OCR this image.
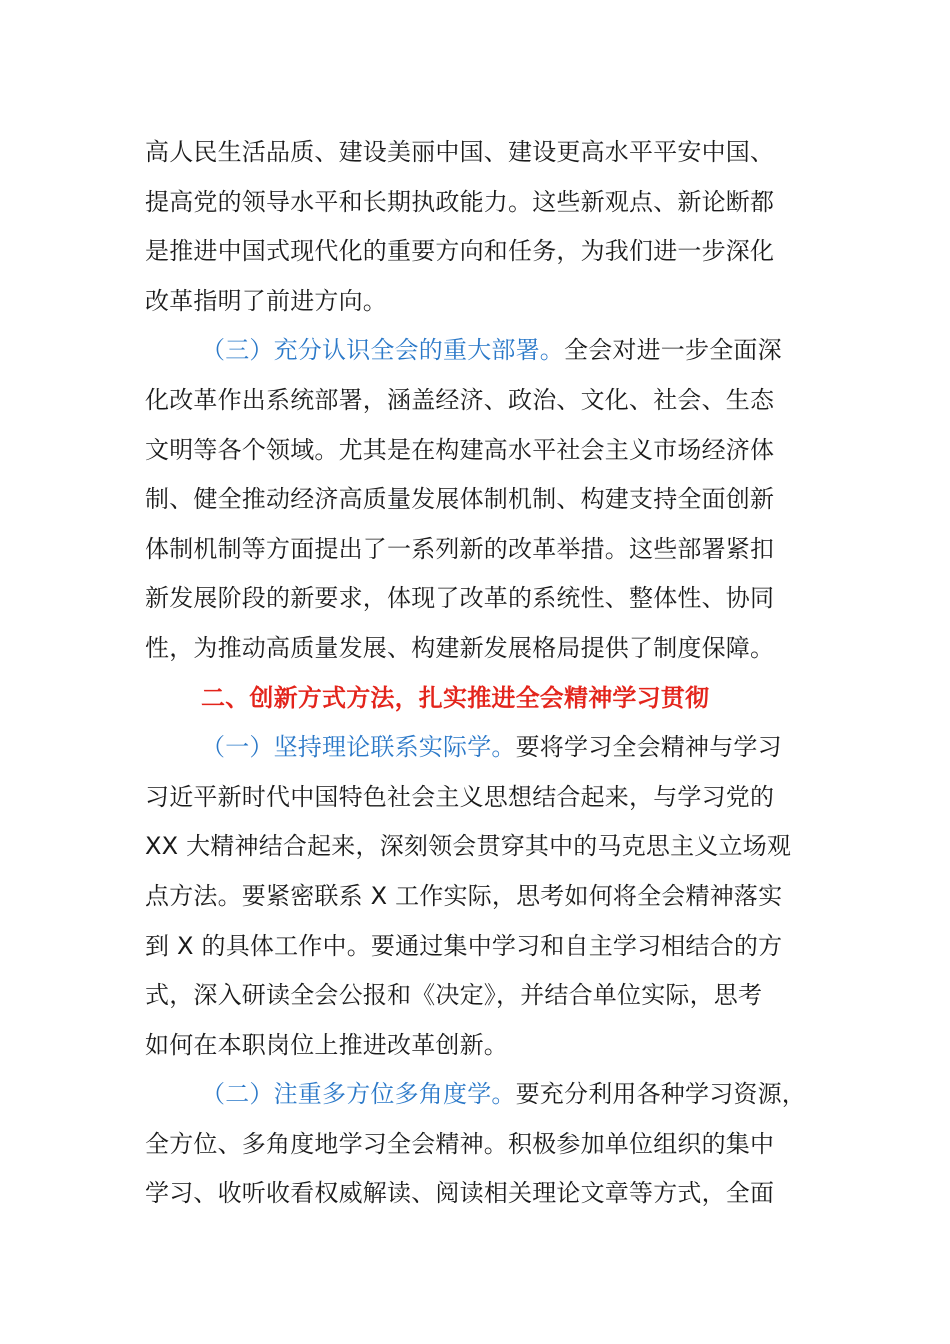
高人民生活品质、建设美丽中国、建设更高水平平安中国、
提高党的领导水平和长期执政能力。这些新观点、新论断都
是推进中国式现代化的重要方向和任务，为我们进一步深化
改革指明了前进方向。
（三）充分认识全会的重大部署。全会对进一步全面深
化改革作出系统部署，涵盖经济、政治、文化、社会、生态
文明等各个领域。尤其是在构建高水平社会主义市场经济体
制、健全推动经济高质量发展体制机制、构建支持全面创新
体制机制等方面提出了一系列新的改革举措。这些部署紧扣
新发展阶段的新要求，体现了改革的系统性、整体性、协同
性，为推动高质量发展、构建新发展格局提供了制度保障。
二、创新方式方法，扎实推进全会精神学习贯彻
（一）坚持理论联系实际学。要将学习全会精神与学习
习近平新时代中国特色社会主义思想结合起来，与学习党的
XX 大精神结合起来，深刻领会贯穿其中的马克思主义立场观
点方法。要紧密联系 X 工作实际，思考如何将全会精神落实
到 X 的具体工作中。要通过集中学习和自主学习相结合的方
式，深入研读全会公报和《决定》，并结合单位实际，思考
如何在本职岗位上推进改革创新。
（二）注重多方位多角度学。要充分利用各种学习资源，
全方位、多角度地学习全会精神。积极参加单位组织的集中
学习、收听收看权威解读、阅读相关理论文章等方式，全面
